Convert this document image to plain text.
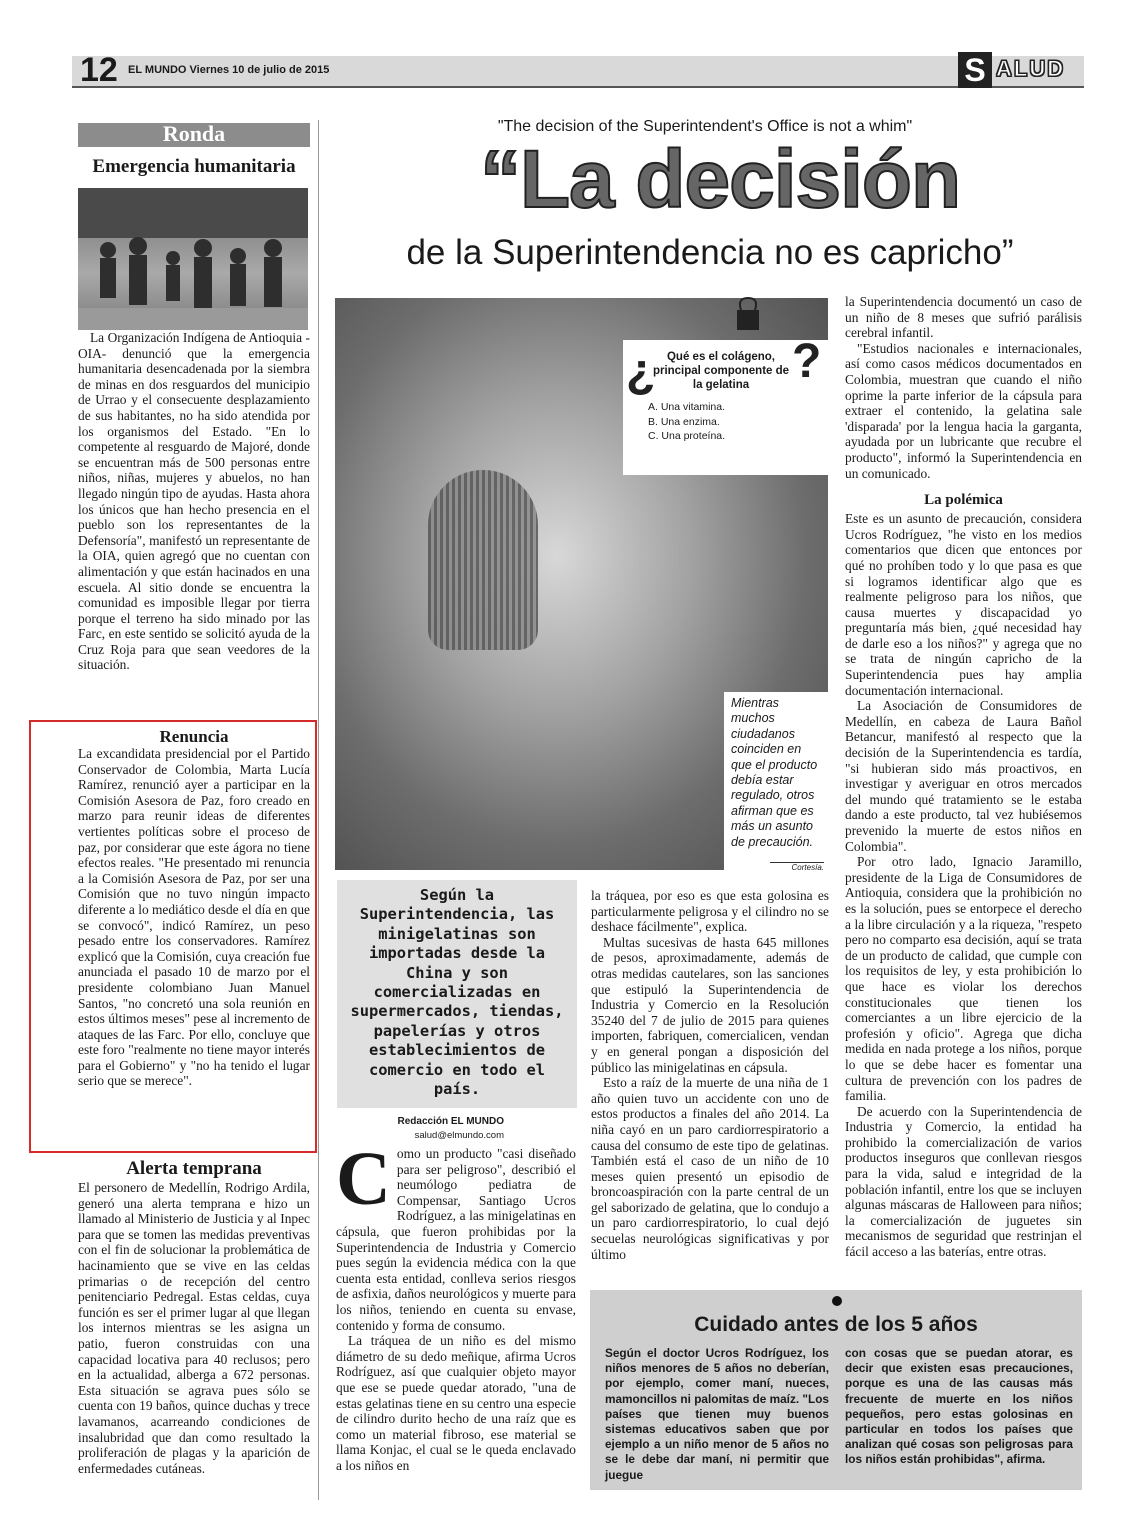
12 EL MUNDO Viernes 10 de julio de 2015	S ALUD
Ronda
Emergencia humanitaria

La Organización Indígena de Antioquia -OIA- denunció que la emergencia humanitaria desencadenada por la siembra de minas en dos resguardos del municipio de Urrao y el consecuente desplazamiento de sus habitantes, no ha sido atendida por los organismos del Estado. "En lo competente al resguardo de Majoré, donde se encuentran más de 500 personas entre niños, niñas, mujeres y abuelos, no han llegado ningún tipo de ayudas. Hasta ahora los únicos que han hecho presencia en el pueblo son los representantes de la Defensoría", manifestó un representante de la OIA, quien agregó que no cuentan con alimentación y que están hacinados en una escuela. Al sitio donde se encuentra la comunidad es imposible llegar por tierra porque el terreno ha sido minado por las Farc, en este sentido se solicitó ayuda de la Cruz Roja para que sean veedores de la situación.

Renuncia

La excandidata presidencial por el Partido Conservador de Colombia, Marta Lucía Ramírez, renunció ayer a participar en la Comisión Asesora de Paz, foro creado en marzo para reunir ideas de diferentes vertientes políticas sobre el proceso de paz, por considerar que este ágora no tiene efectos reales. "He presentado mi renuncia a la Comisión Asesora de Paz, por ser una Comisión que no tuvo ningún impacto diferente a lo mediático desde el día en que se convocó", indicó Ramírez, un peso pesado entre los conservadores. Ramírez explicó que la Comisión, cuya creación fue anunciada el pasado 10 de marzo por el presidente colombiano Juan Manuel Santos, "no concretó una sola reunión en estos últimos meses" pese al incremento de ataques de las Farc. Por ello, concluye que este foro "realmente no tiene mayor interés para el Gobierno" y "no ha tenido el lugar serio que se merece".

Alerta temprana

El personero de Medellín, Rodrigo Ardila, generó una alerta temprana e hizo un llamado al Ministerio de Justicia y al Inpec para que se tomen las medidas preventivas con el fin de solucionar la problemática de hacinamiento que se vive en las celdas primarias o de recepción del centro penitenciario Pedregal. Estas celdas, cuya función es ser el primer lugar al que llegan los internos mientras se les asigna un patio, fueron construidas con una capacidad locativa para 40 reclusos; pero en la actualidad, alberga a 672 personas. Esta situación se agrava pues sólo se cuenta con 19 baños, quince duchas y trece lavamanos, acarreando condiciones de insalubridad que dan como resultado la proliferación de plagas y la aparición de enfermedades cutáneas.

"The decision of the Superintendent's Office is not a whim"
“La decisión
de la Superintendencia no es capricho”
¿	?
Qué es el colágeno, principal componente de la gelatina
A. Una vitamina.
B. Una enzima.
C. Una proteína.
Mientras muchos ciudadanos coinciden en que el producto debía estar regulado, otros afirman que es más un asunto de precaución.
Cortesía.
Según la Superintendencia, las minigelatinas son importadas desde la China y son comercializadas en supermercados, tiendas, papelerías y otros establecimientos de comercio en todo el país.
Redacción EL MUNDO
salud@elmundo.com

Como un producto "casi diseñado para ser peligroso", describió el neumólogo pediatra de Compensar, Santiago Ucros Rodríguez, a las minigelatinas en cápsula, que fueron prohibidas por la Superintendencia de Industria y Comercio pues según la evidencia médica con la que cuenta esta entidad, conlleva serios riesgos de asfixia, daños neurológicos y muerte para los niños, teniendo en cuenta su envase, contenido y forma de consumo.

La tráquea de un niño es del mismo diámetro de su dedo meñique, afirma Ucros Rodríguez, así que cualquier objeto mayor que ese se puede quedar atorado, "una de estas gelatinas tiene en su centro una especie de cilindro durito hecho de una raíz que es como un material fibroso, ese material se llama Konjac, el cual se le queda enclavado a los niños en

la tráquea, por eso es que esta golosina es particularmente peligrosa y el cilindro no se deshace fácilmente", explica.

Multas sucesivas de hasta 645 millones de pesos, aproximadamente, además de otras medidas cautelares, son las sanciones que estipuló la Superintendencia de Industria y Comercio en la Resolución 35240 del 7 de julio de 2015 para quienes importen, fabriquen, comercialicen, vendan y en general pongan a disposición del público las minigelatinas en cápsula.

Esto a raíz de la muerte de una niña de 1 año quien tuvo un accidente con uno de estos productos a finales del año 2014. La niña cayó en un paro cardiorrespiratorio a causa del consumo de este tipo de gelatinas. También está el caso de un niño de 10 meses quien presentó un episodio de broncoaspiración con la parte central de un gel saborizado de gelatina, que lo condujo a un paro cardiorrespiratorio, lo cual dejó secuelas neurológicas significativas y por último

la Superintendencia documentó un caso de un niño de 8 meses que sufrió parálisis cerebral infantil.

"Estudios nacionales e internacionales, así como casos médicos documentados en Colombia, muestran que cuando el niño oprime la parte inferior de la cápsula para extraer el contenido, la gelatina sale 'disparada' por la lengua hacia la garganta, ayudada por un lubricante que recubre el producto", informó la Superintendencia en un comunicado.

La polémica

Este es un asunto de precaución, considera Ucros Rodríguez, "he visto en los medios comentarios que dicen que entonces por qué no prohíben todo y lo que pasa es que si logramos identificar algo que es realmente peligroso para los niños, que causa muertes y discapacidad yo preguntaría más bien, ¿qué necesidad hay de darle eso a los niños?" y agrega que no se trata de ningún capricho de la Superintendencia pues hay amplia documentación internacional.

La Asociación de Consumidores de Medellín, en cabeza de Laura Bañol Betancur, manifestó al respecto que la decisión de la Superintendencia es tardía, "si hubieran sido más proactivos, en investigar y averiguar en otros mercados del mundo qué tratamiento se le estaba dando a este producto, tal vez hubiésemos prevenido la muerte de estos niños en Colombia".

Por otro lado, Ignacio Jaramillo, presidente de la Liga de Consumidores de Antioquia, considera que la prohibición no es la solución, pues se entorpece el derecho a la libre circulación y a la riqueza, "respeto pero no comparto esa decisión, aquí se trata de un producto de calidad, que cumple con los requisitos de ley, y esta prohibición lo que hace es violar los derechos constitucionales que tienen los comerciantes a un libre ejercicio de la profesión y oficio". Agrega que dicha medida en nada protege a los niños, porque lo que se debe hacer es fomentar una cultura de prevención con los padres de familia.

De acuerdo con la Superintendencia de Industria y Comercio, la entidad ha prohibido la comercialización de varios productos inseguros que conllevan riesgos para la vida, salud e integridad de la población infantil, entre los que se incluyen algunas máscaras de Halloween para niños; la comercialización de juguetes sin mecanismos de seguridad que restrinjan el fácil acceso a las baterías, entre otras.

Cuidado antes de los 5 años
Según el doctor Ucros Rodríguez, los niños menores de 5 años no deberían, por ejemplo, comer maní, nueces, mamoncillos ni palomitas de maíz. "Los países que tienen muy buenos sistemas educativos saben que por ejemplo a un niño menor de 5 años no se le debe dar maní, ni permitir que juegue
con cosas que se puedan atorar, es decir que existen esas precauciones, porque es una de las causas más frecuente de muerte en los niños pequeños, pero estas golosinas en particular en todos los países que analizan qué cosas son peligrosas para los niños están prohibidas", afirma.
